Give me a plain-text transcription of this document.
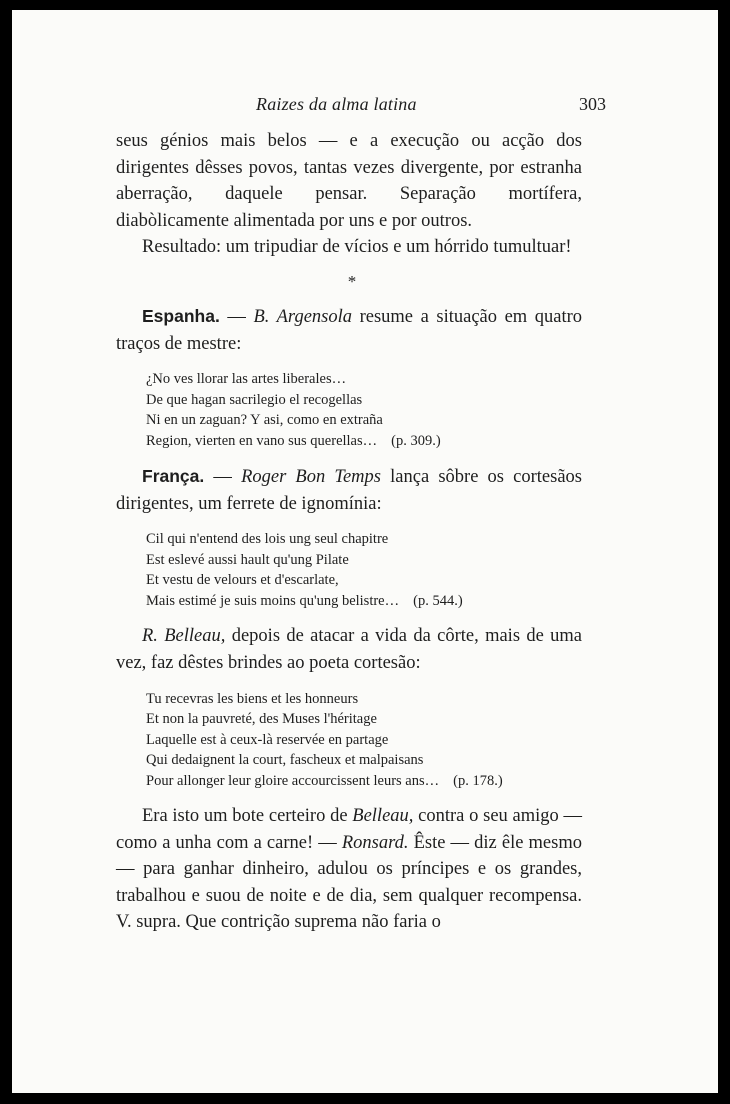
Raizes da alma latina	303

seus génios mais belos — e a execução ou acção dos dirigentes dêsses povos, tantas vezes divergente, por estranha aberração, daquele pensar. Separação mortífera, diabòlicamente alimentada por uns e por outros.

Resultado: um tripudiar de vícios e um hórrido tumultuar!

*

Espanha. — B. Argensola resume a situação em quatro traços de mestre:

¿No ves llorar las artes liberales…
De que hagan sacrilegio el recogellas
Ni en un zaguan? Y asi, como en extraña
Region, vierten en vano sus querellas… (p. 309.)

França. — Roger Bon Temps lança sôbre os cortesãos dirigentes, um ferrete de ignomínia:

Cil qui n'entend des lois ung seul chapitre
Est eslevé aussi hault qu'ung Pilate
Et vestu de velours et d'escarlate,
Mais estimé je suis moins qu'ung belistre… (p. 544.)

R. Belleau, depois de atacar a vida da côrte, mais de uma vez, faz dêstes brindes ao poeta cortesão:

Tu recevras les biens et les honneurs
Et non la pauvreté, des Muses l'héritage
Laquelle est à ceux-là reservée en partage
Qui dedaignent la court, fascheux et malpaisans
Pour allonger leur gloire accourcissent leurs ans… (p. 178.)

Era isto um bote certeiro de Belleau, contra o seu amigo — como a unha com a carne! — Ronsard. Êste — diz êle mesmo — para ganhar dinheiro, adulou os príncipes e os grandes, trabalhou e suou de noite e de dia, sem qualquer recompensa. V. supra. Que contrição suprema não faria o
